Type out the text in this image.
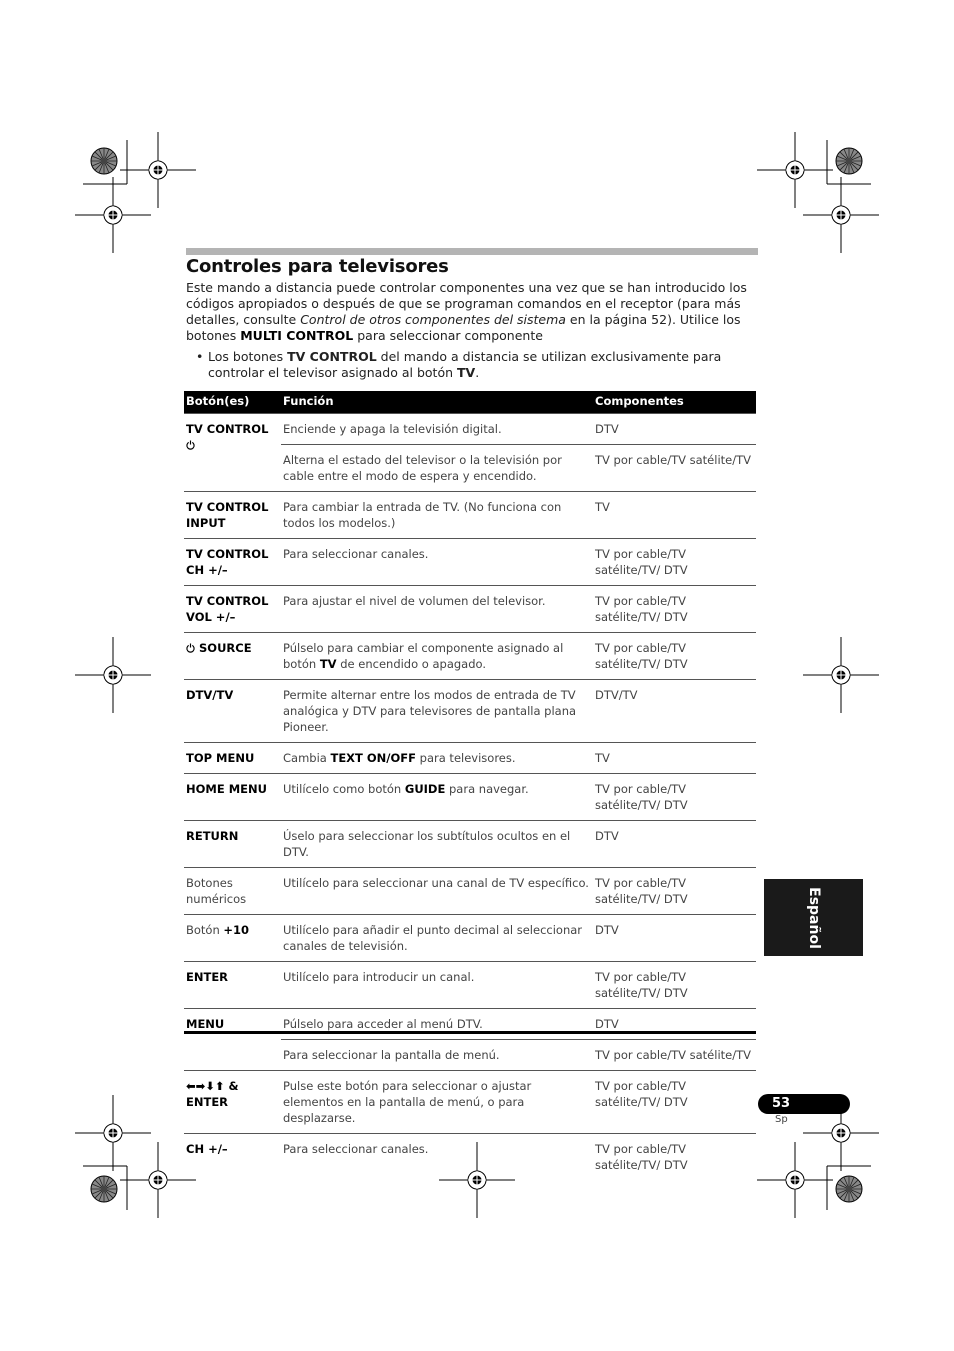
Controles para televisores

Este mando a distancia puede controlar componentes una vez que se han introducido los códigos apropiados o después de que se programan comandos en el receptor (para más detalles, consulte Control de otros componentes del sistema en la página 52). Utilice los botones MULTI CONTROL para seleccionar componente

• Los botones TV CONTROL del mando a distancia se utilizan exclusivamente para controlar el televisor asignado al botón TV.

Botón(es)	Función	Componentes
TV CONTROL	Enciende y apaga la televisión digital.	DTV
	Alterna el estado del televisor o la televisión por cable entre el modo de espera y encendido.	TV por cable/TV satélite/TV
TV CONTROL INPUT	Para cambiar la entrada de TV. (No funciona con todos los modelos.)	TV
TV CONTROL CH +/–	Para seleccionar canales.	TV por cable/TV satélite/TV/ DTV
TV CONTROL VOL +/–	Para ajustar el nivel de volumen del televisor.	TV por cable/TV satélite/TV/ DTV
SOURCE	Púlselo para cambiar el componente asignado al botón TV de encendido o apagado.	TV por cable/TV satélite/TV/ DTV
DTV/TV	Permite alternar entre los modos de entrada de TV analógica y DTV para televisores de pantalla plana Pioneer.	DTV/TV
TOP MENU	Cambia TEXT ON/OFF para televisores.	TV
HOME MENU	Utilícelo como botón GUIDE para navegar.	TV por cable/TV satélite/TV/ DTV
RETURN	Úselo para seleccionar los subtítulos ocultos en el DTV.	DTV
Botones numéricos	Utilícelo para seleccionar una canal de TV específico.	TV por cable/TV satélite/TV/ DTV
Botón +10	Utilícelo para añadir el punto decimal al seleccionar canales de televisión.	DTV
ENTER	Utilícelo para introducir un canal.	TV por cable/TV satélite/TV/ DTV
MENU	Púlselo para acceder al menú DTV.	DTV
	Para seleccionar la pantalla de menú.	TV por cable/TV satélite/TV
⬅➡⬇⬆ & ENTER	Pulse este botón para seleccionar o ajustar elementos en la pantalla de menú, o para desplazarse.	TV por cable/TV satélite/TV/ DTV
CH +/–	Para seleccionar canales.	TV por cable/TV satélite/TV/ DTV
Español
53
Sp
